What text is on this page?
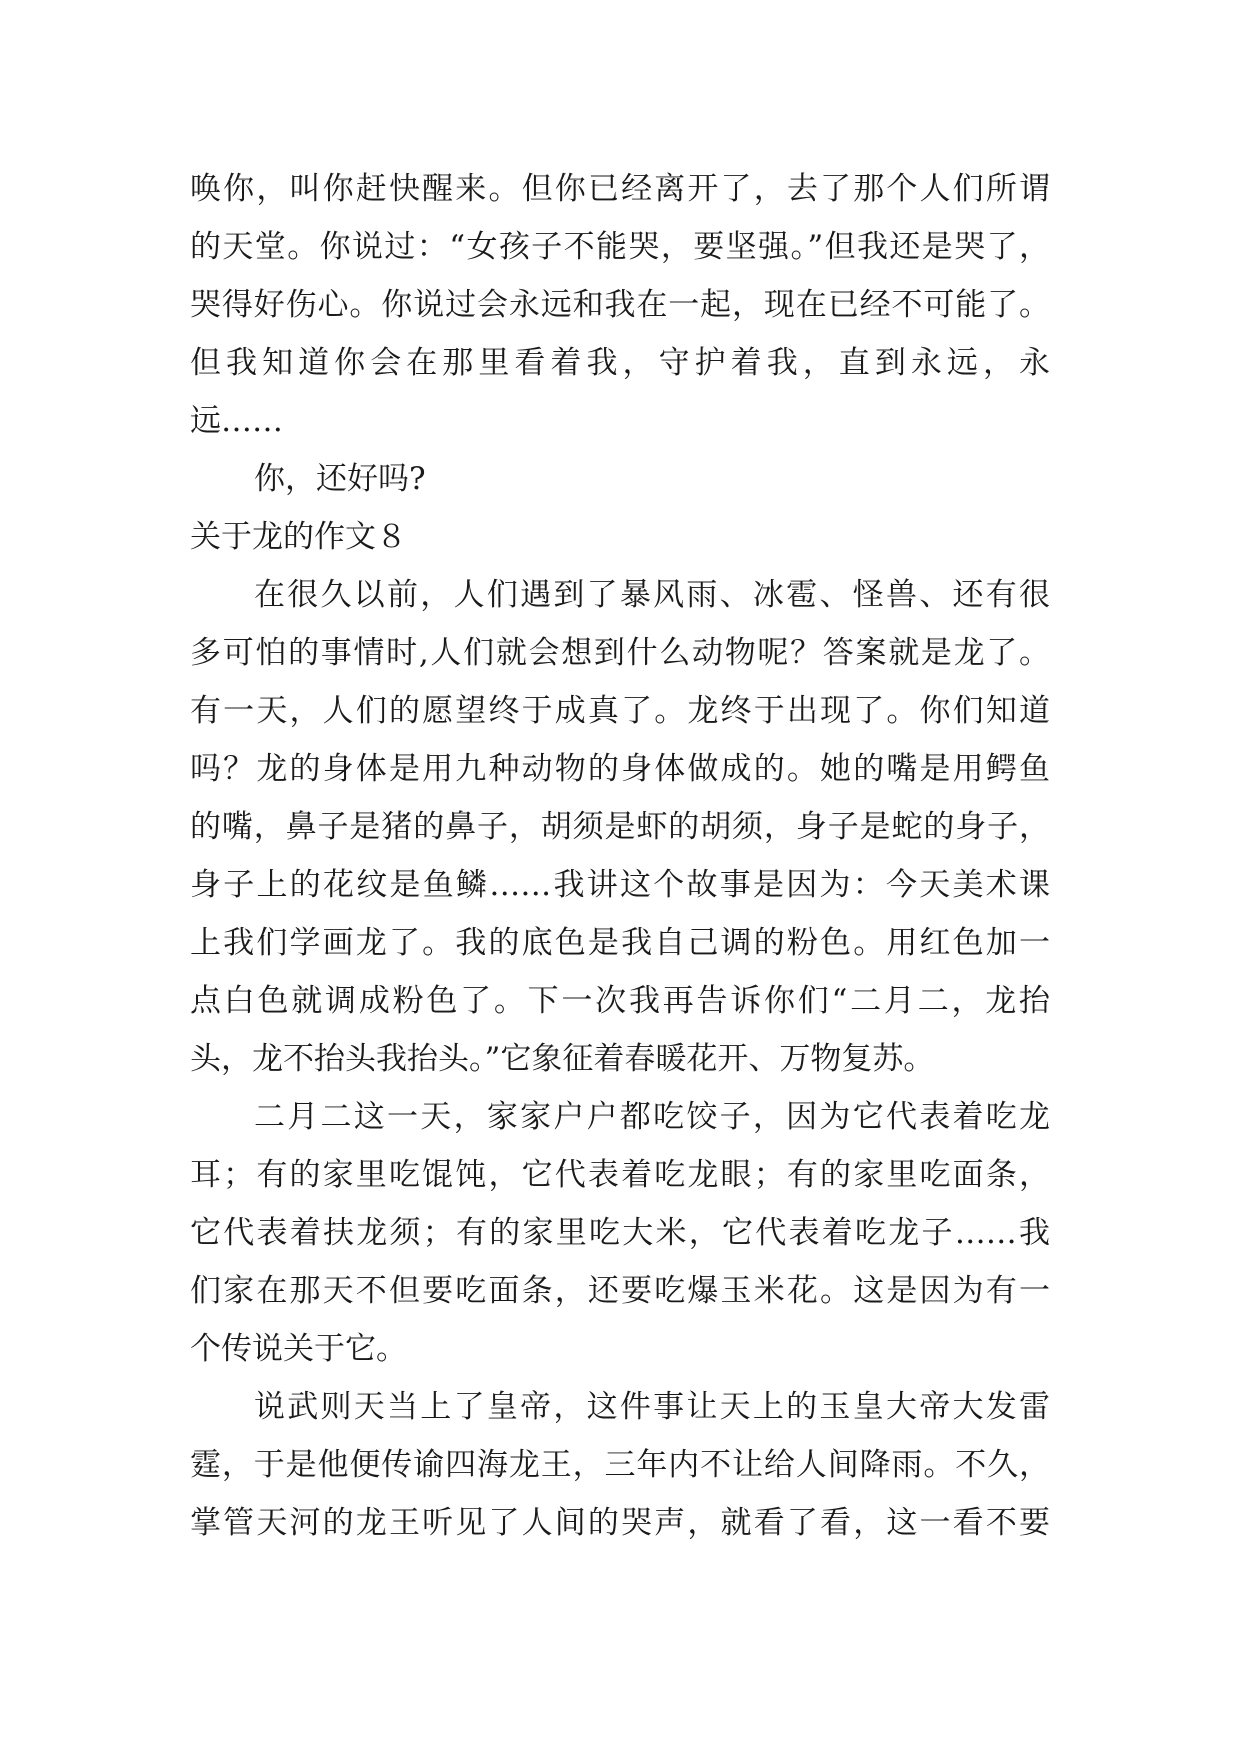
唤你，叫你赶快醒来。但你已经离开了，去了那个人们所谓
的天堂。你说过：“女孩子不能哭，要坚强。”但我还是哭了，
哭得好伤心。你说过会永远和我在一起，现在已经不可能了。
但我知道你会在那里看着我，守护着我，直到永远，永
远……
你，还好吗?
关于龙的作文８
在很久以前，人们遇到了暴风雨、冰雹、怪兽、还有很
多可怕的事情时,人们就会想到什么动物呢？答案就是龙了。
有一天，人们的愿望终于成真了。龙终于出现了。你们知道
吗？龙的身体是用九种动物的身体做成的。她的嘴是用鳄鱼
的嘴，鼻子是猪的鼻子，胡须是虾的胡须，身子是蛇的身子，
身子上的花纹是鱼鳞……我讲这个故事是因为：今天美术课
上我们学画龙了。我的底色是我自己调的粉色。用红色加一
点白色就调成粉色了。下一次我再告诉你们“二月二，龙抬
头，龙不抬头我抬头。”它象征着春暖花开、万物复苏。
二月二这一天，家家户户都吃饺子，因为它代表着吃龙
耳；有的家里吃馄饨，它代表着吃龙眼；有的家里吃面条，
它代表着扶龙须；有的家里吃大米，它代表着吃龙子……我
们家在那天不但要吃面条，还要吃爆玉米花。这是因为有一
个传说关于它。
说武则天当上了皇帝，这件事让天上的玉皇大帝大发雷
霆，于是他便传谕四海龙王，三年内不让给人间降雨。不久，
掌管天河的龙王听见了人间的哭声，就看了看，这一看不要
